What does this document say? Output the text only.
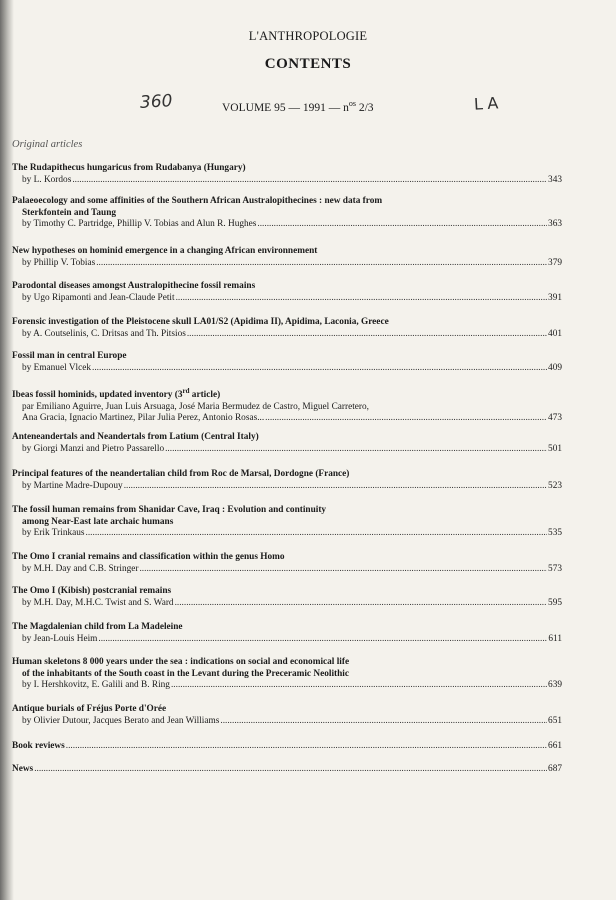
L'ANTHROPOLOGIE
CONTENTS
360	VOLUME 95 — 1991 — $n^{os}$ 2/3	LA
Original articles
The Rudapithecus hungaricus from Rudabanya (Hungary)
by L. Kordos .....	343
Palaeoecology and some affinities of the Southern African Australopithecines : new data from
Sterkfontein and Taung
by Timothy C. Partridge, Phillip V. Tobias and Alun R. Hughes .....	363
New hypotheses on hominid emergence in a changing African environnement
by Phillip V. Tobias .....	379
Parodontal diseases amongst Australopithecine fossil remains
by Ugo Ripamonti and Jean-Claude Petit .....	391
Forensic investigation of the Pleistocene skull LA01/S2 (Apidima II), Apidima, Laconia, Greece
by A. Coutselinis, C. Dritsas and Th. Pitsios .....	401
Fossil man in central Europe
by Emanuel Vlcek .....	409
Ibeas fossil hominids, updated inventory (3rd article)
par Emiliano Aguirre, Juan Luis Arsuaga, José Maria Bermudez de Castro, Miguel Carretero,
Ana Gracia, Ignacio Martinez, Pilar Julia Perez, Antonio Rosas... .....	473
Anteneandertals and Neandertals from Latium (Central Italy)
by Giorgi Manzi and Pietro Passarello .....	501
Principal features of the neandertalian child from Roc de Marsal, Dordogne (France)
by Martine Madre-Dupouy .....	523
The fossil human remains from Shanidar Cave, Iraq : Evolution and continuity
among Near-East late archaic humans
by Erik Trinkaus .....	535
The Omo I cranial remains and classification within the genus Homo
by M.H. Day and C.B. Stringer .....	573
The Omo I (Kibish) postcranial remains
by M.H. Day, M.H.C. Twist and S. Ward .....	595
The Magdalenian child from La Madeleine
by Jean-Louis Heim .....	611
Human skeletons 8 000 years under the sea : indications on social and economical life
of the inhabitants of the South coast in the Levant during the Preceramic Neolithic
by I. Hershkovitz, E. Galili and B. Ring .....	639
Antique burials of Fréjus Porte d'Orée
by Olivier Dutour, Jacques Berato and Jean Williams .....	651
Book reviews .....	661
News .....	687
